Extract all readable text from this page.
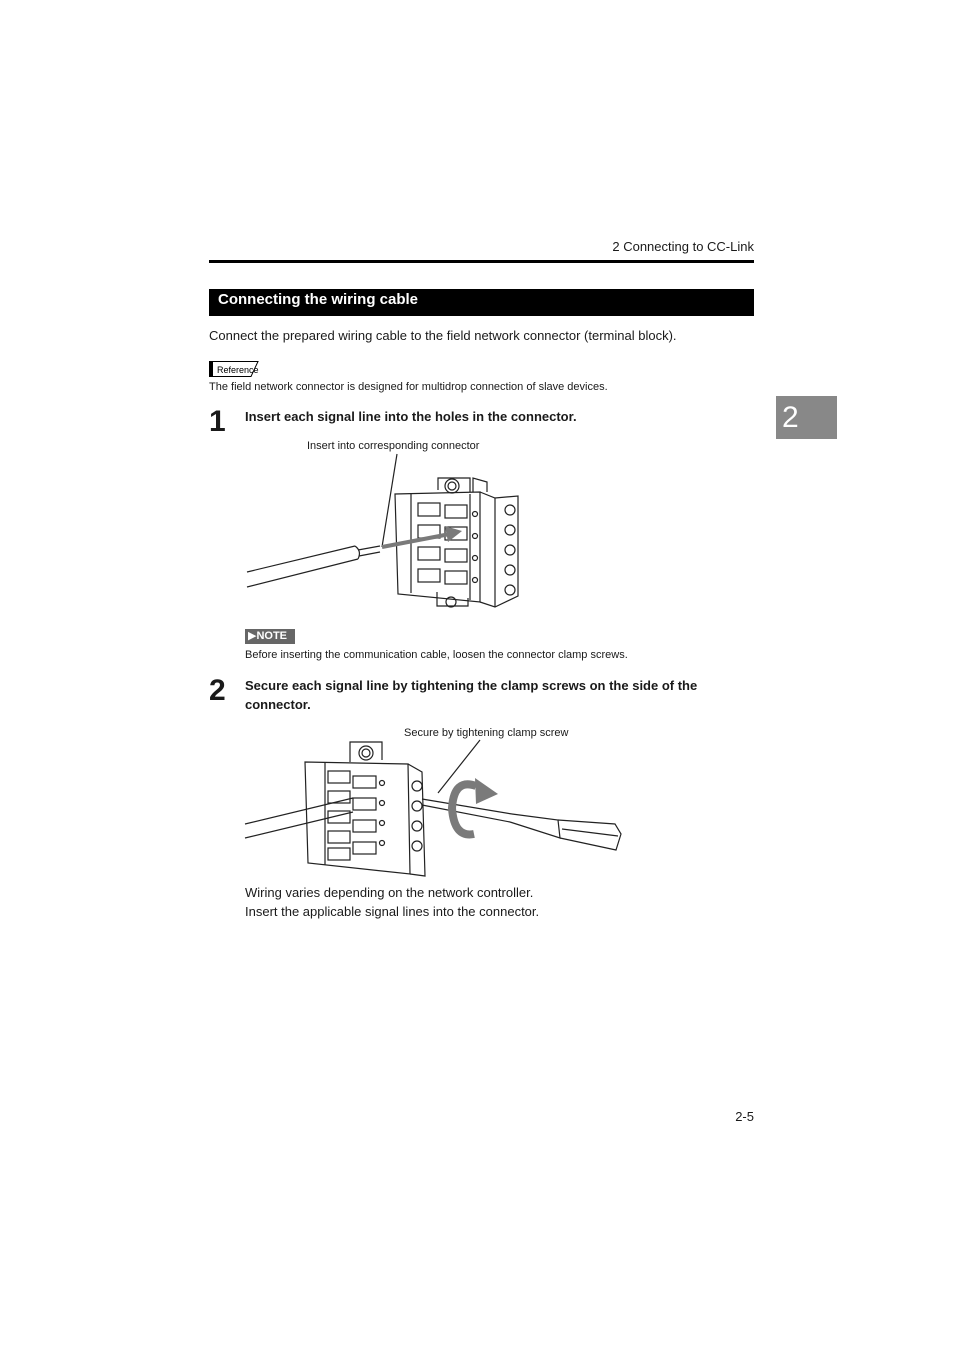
2 Connecting to CC-Link
Connecting the wiring cable
Connect the prepared wiring cable to the field network connector (terminal block).
Reference
The field network connector is designed for multidrop connection of slave devices.
1 Insert each signal line into the holes in the connector.
Insert into corresponding connector
▶NOTE
Before inserting the communication cable, loosen the connector clamp screws.
2 Secure each signal line by tightening the clamp screws on the side of the
connector.
Secure by tightening clamp screw
Wiring varies depending on the network controller.
Insert the applicable signal lines into the connector.
2
2-5
